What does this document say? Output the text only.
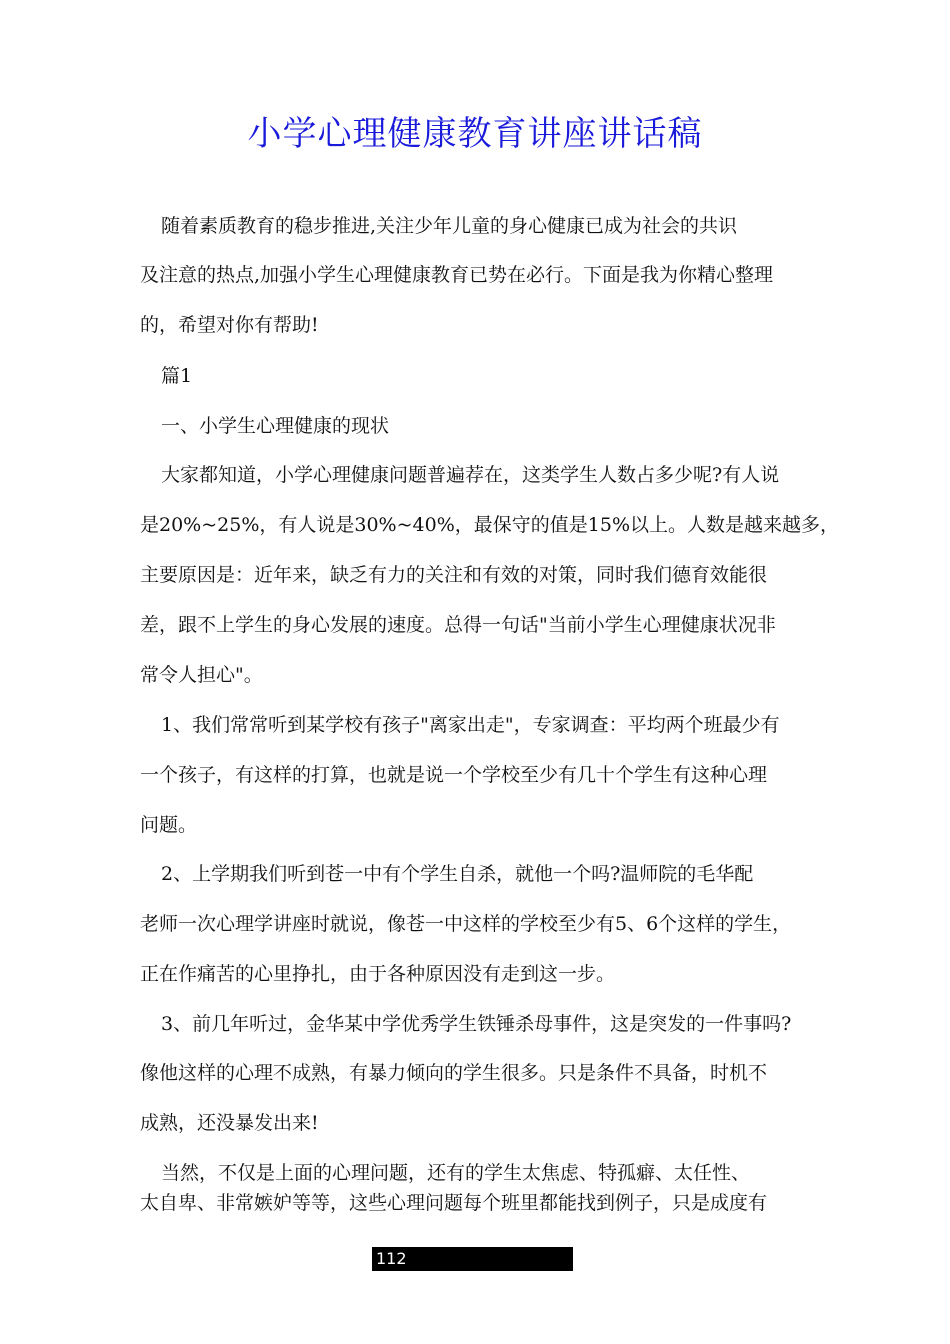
小学心理健康教育讲座讲话稿
随着素质教育的稳步推进,关注少年儿童的身心健康已成为社会的共识
及注意的热点,加强小学生心理健康教育已势在必行。下面是我为你精心整理
的，希望对你有帮助!
篇1
一、小学生心理健康的现状
大家都知道，小学心理健康问题普遍荐在，这类学生人数占多少呢?有人说
是20%~25%，有人说是30%~40%，最保守的值是15%以上。人数是越来越多，
主要原因是：近年来，缺乏有力的关注和有效的对策，同时我们德育效能很
差，跟不上学生的身心发展的速度。总得一句话"当前小学生心理健康状况非
常令人担心"。
1、我们常常听到某学校有孩子"离家出走"，专家调查：平均两个班最少有
一个孩子，有这样的打算，也就是说一个学校至少有几十个学生有这种心理
问题。
2、上学期我们听到苍一中有个学生自杀，就他一个吗?温师院的毛华配
老师一次心理学讲座时就说，像苍一中这样的学校至少有5、6个这样的学生，
正在作痛苦的心里挣扎，由于各种原因没有走到这一步。
3、前几年听过，金华某中学优秀学生铁锤杀母事件，这是突发的一件事吗?
像他这样的心理不成熟，有暴力倾向的学生很多。只是条件不具备，时机不
成熟，还没暴发出来!
当然，不仅是上面的心理问题，还有的学生太焦虑、特孤癖、太任性、
太自卑、非常嫉妒等等，这些心理问题每个班里都能找到例子，只是成度有
112
